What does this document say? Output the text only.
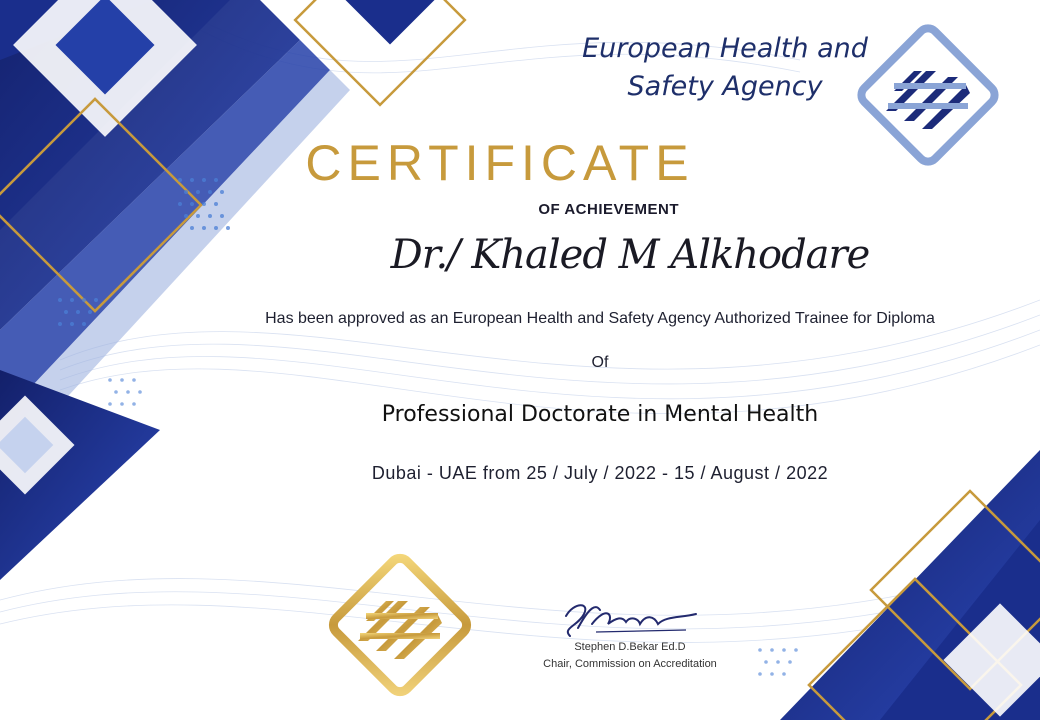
European Health and Safety Agency

CERTIFICATE

OF ACHIEVEMENT

Dr./ Khaled M Alkhodare

Has been approved as an European Health and Safety Agency Authorized Trainee for Diploma

Of

Professional Doctorate in Mental Health

Dubai - UAE from 25 / July / 2022 - 15 / August / 2022

Stephen D.Bekar Ed.D

Chair, Commission on Accreditation
